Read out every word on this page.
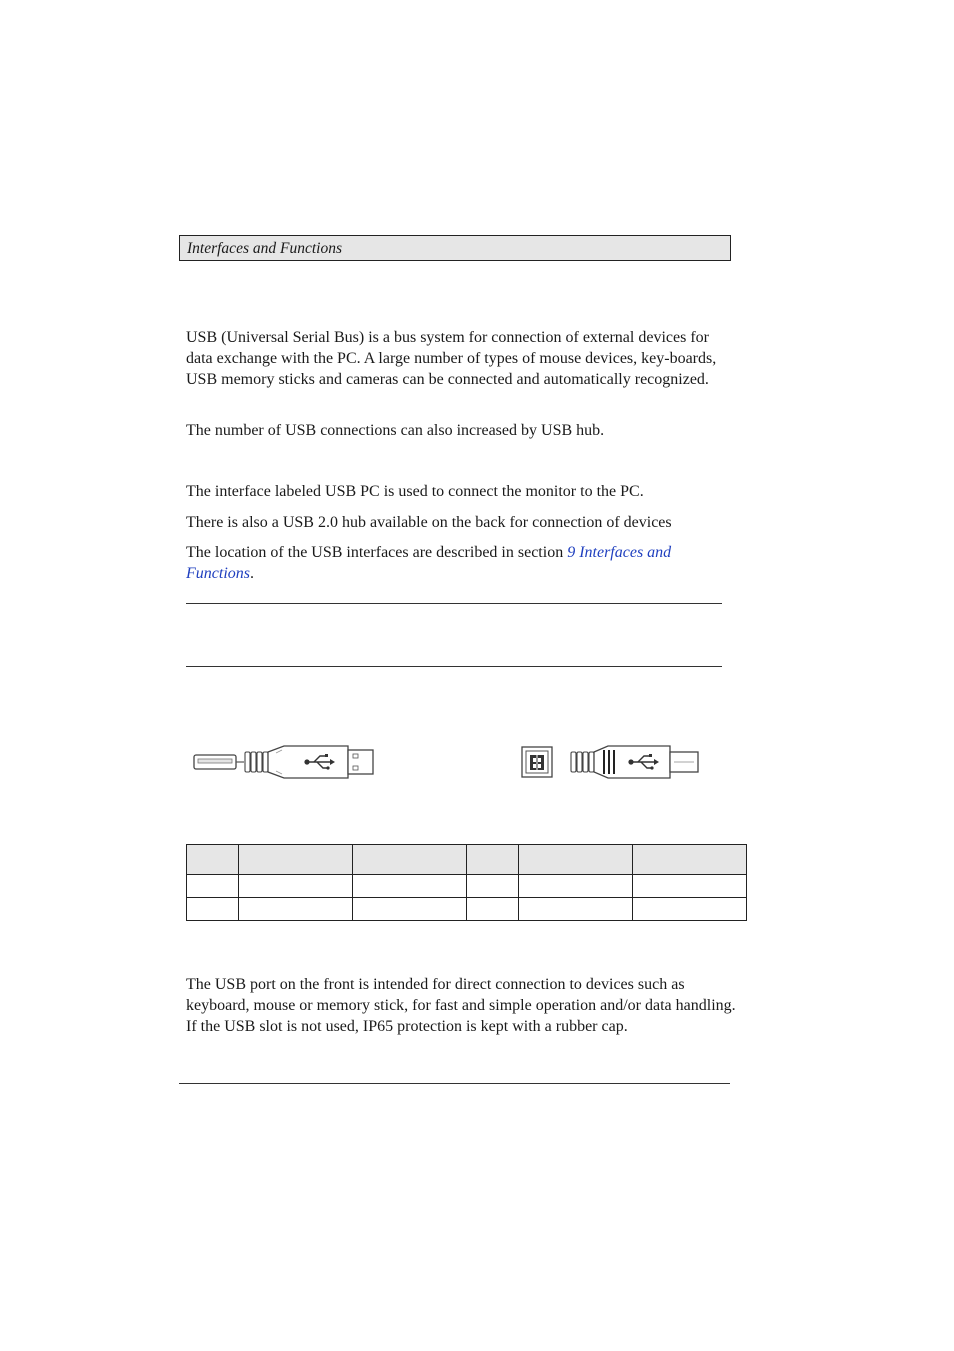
Interfaces and Functions

USB (Universal Serial Bus) is a bus system for connection of external devices for data exchange with the PC. A large number of types of mouse devices, key-boards, USB memory sticks and cameras can be connected and automatically recognized.

The number of USB connections can also increased by USB hub.

The interface labeled USB PC is used to connect the monitor to the PC.

There is also a USB 2.0 hub available on the back for connection of devices

The location of the USB interfaces are described in section 9 Interfaces and Functions.

The USB port on the front is intended for direct connection to devices such as keyboard, mouse or memory stick, for fast and simple operation and/or data handling. If the USB slot is not used, IP65 protection is kept with a rubber cap.
